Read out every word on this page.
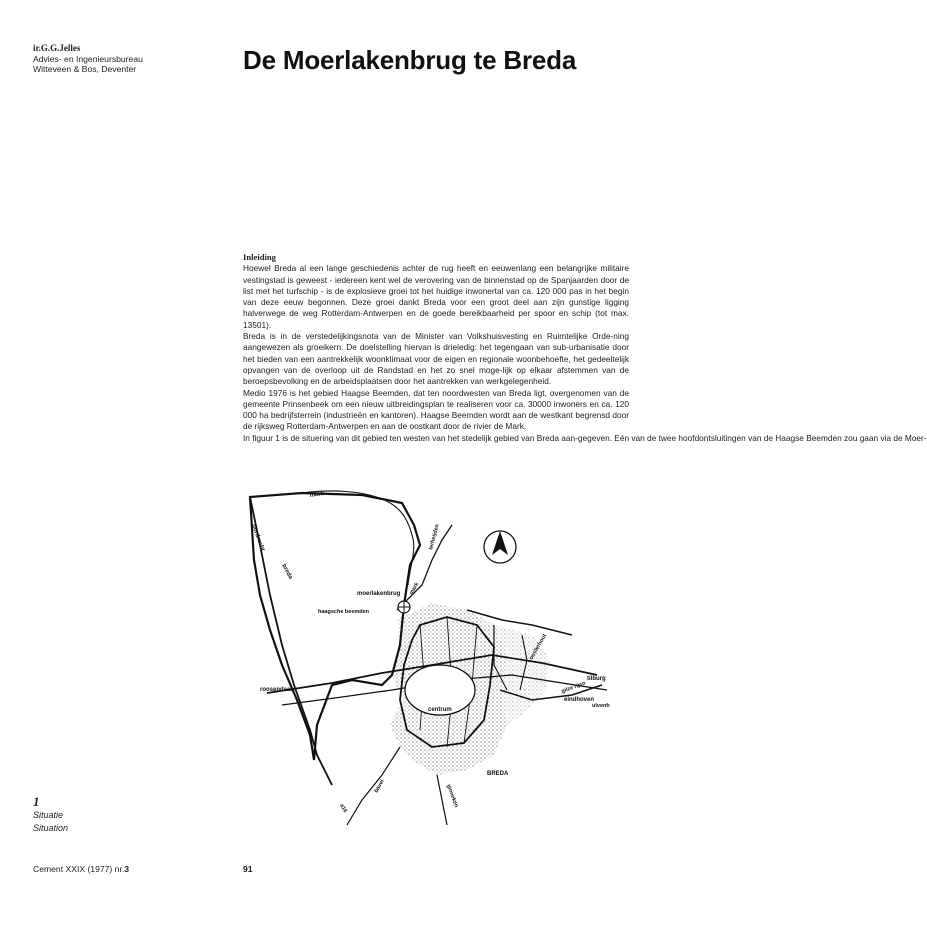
ir.G.G.Jelles
Advies- en Ingenieursbureau
Witteveen & Bos, Deventer	De Moerlakenbrug te Breda
Inleiding

Hoewel Breda al een lange geschiedenis achter de rug heeft en eeuwenlang een belangrijke militaire vestingstad is geweest - iedereen kent wel de verovering van de binnenstad op de Spanjaarden door de list met het turfschip - is de explosieve groei tot het huidige inwonertal van ca. 120 000 pas in het begin van deze eeuw begonnen. Deze groei dankt Breda voor een groot deel aan zijn gunstige ligging halverwege de weg Rotterdam-Antwerpen en de goede bereikbaarheid per spoor en schip (tot max. 13501).

Breda is in de verstedelijkingsnota van de Minister van Volkshuisvesting en Ruimtelijke Orde-ning aangewezen als groeikern. De doelstelling hiervan is drieledig: het tegengaan van sub-urbanisatie door het bieden van een aantrekkelijk woonklimaat voor de eigen en regionale woonbehoefte, het gedeeltelijk opvangen van de overloop uit de Randstad en het zo snel moge-lijk op elkaar afstemmen van de beroepsbevolking en de arbeidsplaatsen door het aantrekken van werkgelegenheid.

Medio 1976 is het gebied Haagse Beemden, dat ten noordwesten van Breda ligt, overgenomen van de gemeente Prinsenbeek om een nieuw uitbreidingsplan te realiseren voor ca. 30000 inwoners en ca. 120 000 ha bedrijfsterrein (industrieën en kantoren). Haagse Beemden wordt aan de westkant begrensd door de rijksweg Rotterdam-Antwerpen en aan de oostkant door de rivier de Mark.

In figuur 1 is de situering van dit gebied ten westen van het stedelijk gebied van Breda aan-gegeven. Eén van de twee hoofdontsluitingen van de Haagse Beemden zou gaan via de Moer-

mark
dordrecht
breda
terheijden
mark
moerlakenbrug
haagsche beemden
roosendaal
centrum
oosterhout
gilze rijen
tilburg
eindhoven
ulvenh
BREDA
ginneken
bavel
a16
1
Situatie
Situation
Cement XXIX (1977) nr.3	91
